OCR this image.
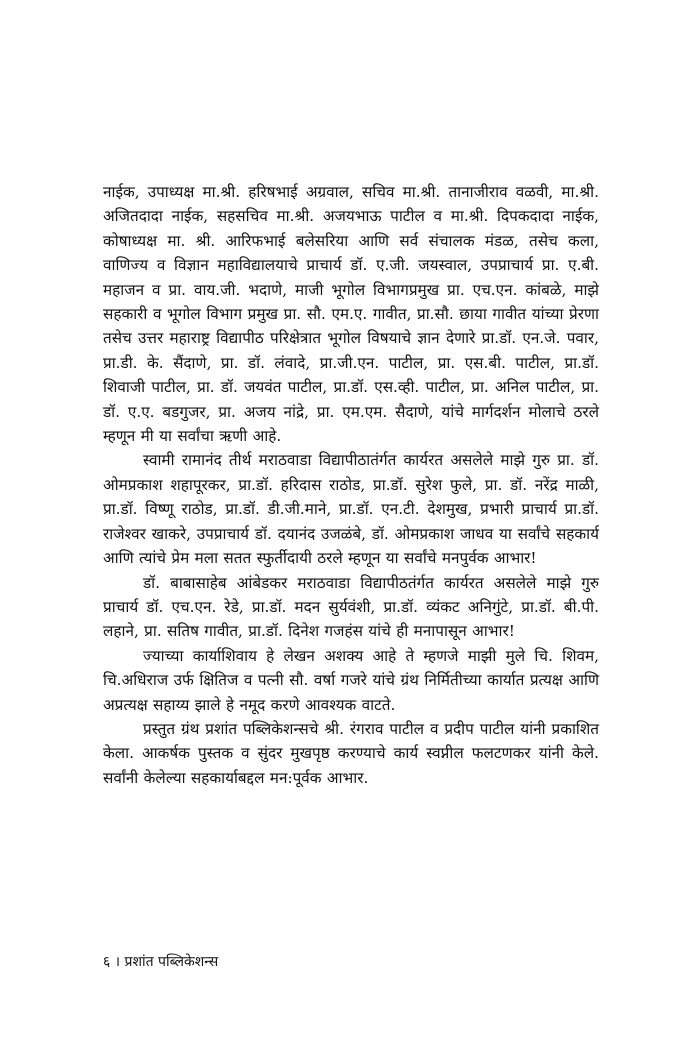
नाईक, उपाध्यक्ष मा.श्री. हरिषभाई अग्रवाल, सचिव मा.श्री. तानाजीराव वळवी, मा.श्री. अजितदादा नाईक, सहसचिव मा.श्री. अजयभाऊ पाटील व मा.श्री. दिपकदादा नाईक, कोषाध्यक्ष मा. श्री. आरिफभाई बलेसरिया आणि सर्व संचालक मंडळ, तसेच कला, वाणिज्य व विज्ञान महाविद्यालयाचे प्राचार्य डॉ. ए.जी. जयस्वाल, उपप्राचार्य प्रा. ए.बी. महाजन व प्रा. वाय.जी. भदाणे, माजी भूगोल विभागप्रमुख प्रा. एच.एन. कांबळे, माझे सहकारी व भूगोल विभाग प्रमुख प्रा. सौ. एम.ए. गावीत, प्रा.सौ. छाया गावीत यांच्या प्रेरणा तसेच उत्तर महाराष्ट्र विद्यापीठ परिक्षेत्रात भूगोल विषयाचे ज्ञान देणारे प्रा.डॉ. एन.जे. पवार, प्रा.डी. के. सैंदाणे, प्रा. डॉ. लंवादे, प्रा.जी.एन. पाटील, प्रा. एस.बी. पाटील, प्रा.डॉ. शिवाजी पाटील, प्रा. डॉ. जयवंत पाटील, प्रा.डॉ. एस.व्ही. पाटील, प्रा. अनिल पाटील, प्रा. डॉ. ए.ए. बडगुजर, प्रा. अजय नांद्रे, प्रा. एम.एम. सैदाणे, यांचे मार्गदर्शन मोलाचे ठरले म्हणून मी या सर्वांचा ऋणी आहे.

स्वामी रामानंद तीर्थ मराठवाडा विद्यापीठातंर्गत कार्यरत असलेले माझे गुरु प्रा. डॉ. ओमप्रकाश शहापूरकर, प्रा.डॉ. हरिदास राठोड, प्रा.डॉ. सुरेश फुले, प्रा. डॉ. नरेंद्र माळी, प्रा.डॉ. विष्णू राठोड, प्रा.डॉ. डी.जी.माने, प्रा.डॉ. एन.टी. देशमुख, प्रभारी प्राचार्य प्रा.डॉ. राजेश्वर खाकरे, उपप्राचार्य डॉ. दयानंद उजळंबे, डॉ. ओमप्रकाश जाधव या सर्वांचे सहकार्य आणि त्यांचे प्रेम मला सतत स्फुर्तीदायी ठरले म्हणून या सर्वांचे मनपुर्वक आभार!

डॉ. बाबासाहेब आंबेडकर मराठवाडा विद्यापीठतंर्गत कार्यरत असलेले माझे गुरु प्राचार्य डॉ. एच.एन. रेडे, प्रा.डॉ. मदन सुर्यवंशी, प्रा.डॉ. व्यंकट अनिगुंटे, प्रा.डॉ. बी.पी. लहाने, प्रा. सतिष गावीत, प्रा.डॉ. दिनेश गजहंस यांचे ही मनापासून आभार!

ज्याच्या कार्याशिवाय हे लेखन अशक्य आहे ते म्हणजे माझी मुले चि. शिवम, चि.अधिराज उर्फ क्षितिज व पत्नी सौ. वर्षा गजरे यांचे ग्रंथ निर्मितीच्या कार्यात प्रत्यक्ष आणि अप्रत्यक्ष सहाय्य झाले हे नमूद करणे आवश्यक वाटते.

प्रस्तुत ग्रंथ प्रशांत पब्लिकेशन्सचे श्री. रंगराव पाटील व प्रदीप पाटील यांनी प्रकाशित केला. आकर्षक पुस्तक व सुंदर मुखपृष्ठ करण्याचे कार्य स्वप्नील फलटणकर यांनी केले. सर्वांनी केलेल्या सहकार्याबद्दल मन:पूर्वक आभार.

६ । प्रशांत पब्लिकेशन्स
